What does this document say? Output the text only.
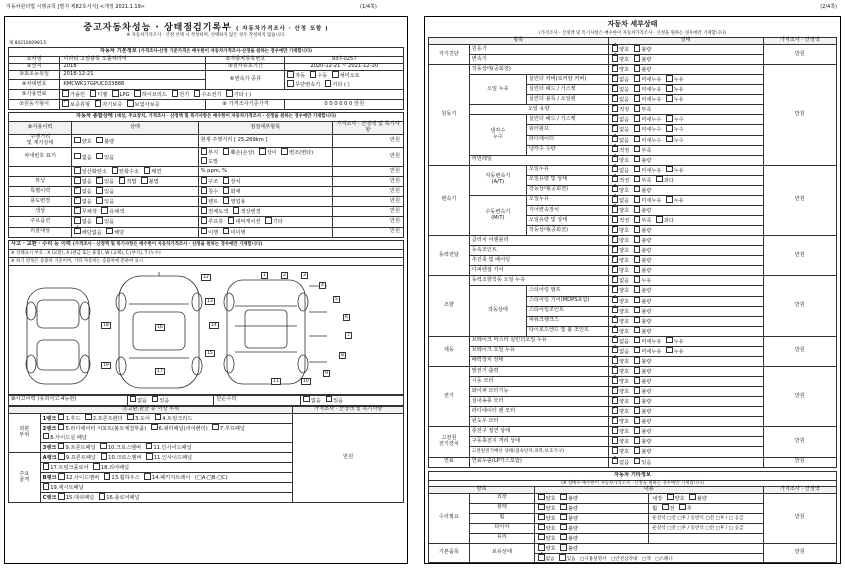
자동차관리법 시행규칙 [별지 제82호서식] <개정 2021.1.19>	(1/4쪽)	(2/4쪽)
중고자동차성능 · 상태점검기록부 ( 자동차가격조사 · 산정 포함 )
※ 자동차가격조사 · 산정 선택 시 작성하며, 선택하지 않은 경우 작성하지 않습니다.
제 8421000981호
자동차 기본정보 (가격조사·산정 기준가격은 배우한이 자동차가격조사·산정을 원하는 경우에만 기재합니다)			
①차명	미라티 고심광록 모톨캐리어	②자동차등록번호	93우0257
②연식	2018	③검사유효기간	2020-12-21 ~ 2021-12-20
③최초등록일	2018-12-21	⑥변속기 종류	자동 수동 세미오토
무단변속기 기타 ( )
④차대번호	KMCWK17GPUC033888		
⑤사용연료	가솔린 디젤 LPG 하이브리드 전기 수소전기 기타 ( )		
⑦원동기형식	✔보증류형 ✔ 자기보증 보험사보증	⑧ 가격조사기준가격	0 0 0 0 0 0 만원
자동차 종합상태 (세성, 주요장치, 가격조사 · 산정액 및 특기사항은 매수한이 자동차가격조사 · 산정을 원하는 경우에만 기재합니다)			
⑨사용이력	상태	점검세부항목	가격조사 · 산정액 및 특기사항
주행거리
및 계기상태	양호 불량	현재 주행거리 [ 25,269km ]	만원
차대번호 표기	없음 있음	부식 훼손(손상) 상이 변조(변타) 도말	만원
	일산화탄소 탄화수소 매연	% ppm, %	만원
튜닝	없음 ✔ 있음 ✔ 적법 불법	구조 장치	만원
특별이력	✔없음 있음	침수 화재	만원
용도변경	✔없음 있음	렌트 영업용	만원
색상	✔무채색 유채색	전체도색 색상변경	만원
주요옵션	없음 있음	루프류 네비게이션 기타	만원
리콜대상	✔해당없음 해당	이행 미이행	만원
사고 · 교환 · 수리 등 이력 (가격조사 · 산정액 및 특기사항은 매수한이 자동차가격조사 · 산정을 원하는 경우에만 기재합니다)
※ 상태표시 부호 : X (교환), A (판금 또는 용접), W (교체), C (부식), T (누수)
※ 하기 항목은 승용차 기준이며, 기타 자동차는 승용차에 준하여 표시
1	2	3
4
5
6
7
8
9
10
11
12
13
14
15
16
17
18
19
⑩사고이력 (유외사고·4등관)	✔없음 있음	단순수리	없음 ✔ 있음
⑪교환,판금 등 이상 부위		가격조사 · 산정액 및 특기사항
외판
부위	1랭크 1.후드 2.프론트펜더 3.도어 4.트렁크리드	만원
	2랭크 5.라디에이터 서포트(볼트체결부품) 6.쿼터패널(리어펜더) 7.루프패널 8.사이드실 패널	
	3랭크 9.프론트패널 10.크로스멤버 11.인사이드패널	
주요
골격	A랭크 9.프론트패널 10.크로스멤버 11.인사이드패널	
	17.트렁크플로어 18.리어패널	
	B랭크 12.사이드멤버 13.휠하우스 14.패키지트레이 (□A·□B·□C)	
	19.재시트패널	
	C랭크 15.대쉬패널 16.플로어패널	
자동차 세부상태
(가격조사 · 산정액 및 특기사항은 매수한이 자동차가격조사 · 산정을 원하는 경우에만 기재합니다)
항목			상태	가격조사 · 산정액
자기진단	원동기	✔양호 불량	만원
	변속기	✔양호 불량
원동기	작동상태(공회전)	✔양호 불량	만원
	오일 누유	실린더 커버(로커암 커버)	✔없음 미세누유 누유
		실린더 헤드 / 가스켓	✔없음 미세누유 누유
		실린더 블록 / 오일팬	✔없음 미세누유 누유
	오일 유량	✔적정 부족
	냉각수
누수	실린더 헤드 / 가스켓	✔없음 미세누수 누수
		워터펌프	✔없음 미세누수 누수
		라디에이터	✔없음 미세누수 누수
		냉각수 수량	✔적정 부족
	커먼레일	✔양호 불량
변속기	자동변속기
(A/T)	오일누유	✔없음 미세누유 누유	만원
		오일유량 및 상태	✔적정 부족 과다
		작동상태(공회전)	✔양호 불량
	수동변속기
(M/T)	오일누유	✔없음 미세누유 누유
		기어변속장치	✔양호 불량
		오일유량 및 상태	적정 부족 과다	
		작동상태(공회전)	✔양호 불량
동력전달	클러치 어셈블리	✔양호 불량	만원
	등속조인트	✔양호 불량
	추진축 및 베어링	✔양호 불량
	디퍼렌셜 기어	✔양호 불량
조향	동력조향작동 오일 누유	✔없음 누유	만원
	작동상태	스티어링 펌프	✔양호 불량
		스티어링 기어(MDPS포함)	✔양호 불량
		스티어링조인트	✔양호 불량
		파워크랭크스	✔양호 불량
		타이로드엔드 및 볼 조인트	✔양호 불량
제동	브레이크 마스터 실린더오일 누유	✔없음 미세누유 누유	만원
	브레이크 오일 누유	✔없음 미세누유 누유
	배력장치 상태	✔양호 불량
전기	발전기 출력	✔양호 불량	만원
	시동 모터	✔양호 불량
	와이퍼 모터기능	✔양호 불량
	실내송풍 모터	✔양호 불량
	라디에이터 팬 모터	✔양호 불량
	윈도우 모터	✔양호 불량
고전원
전기장치	충전구 절연 상태		양호 불량	만원
	구동축전지 격리 상태		양호 불량	
	고전원전기배선 상태(접속단자,피복,보호기구)		양호 불량	
연료	연료누출(LP가스포함)	✔없음 있음	만원
자동차 기타정보				
(※ 장매수 매수한이 자동차가격조사 · 산정을 원하는 경우에만 기재합니다)				
항목		내용		가격조사 · 산정액
수리필요	외장	양호 불량	내장 양호 불량	만원
	광택	양호 불량	휠 전 후	
	휠	양호 불량	운전석 □전 □후 / 동반석 □전 □후 / □ 응급	
	타이어	양호 불량	운전석 □전 □후 / 동반석 □전 □후 / □ 응급	
	유리	양호 불량		
기본품목	보유상태	양호 불량		만원
✔없음 있음 □사용설명서 □안전삼각대 □잭 □스패너
